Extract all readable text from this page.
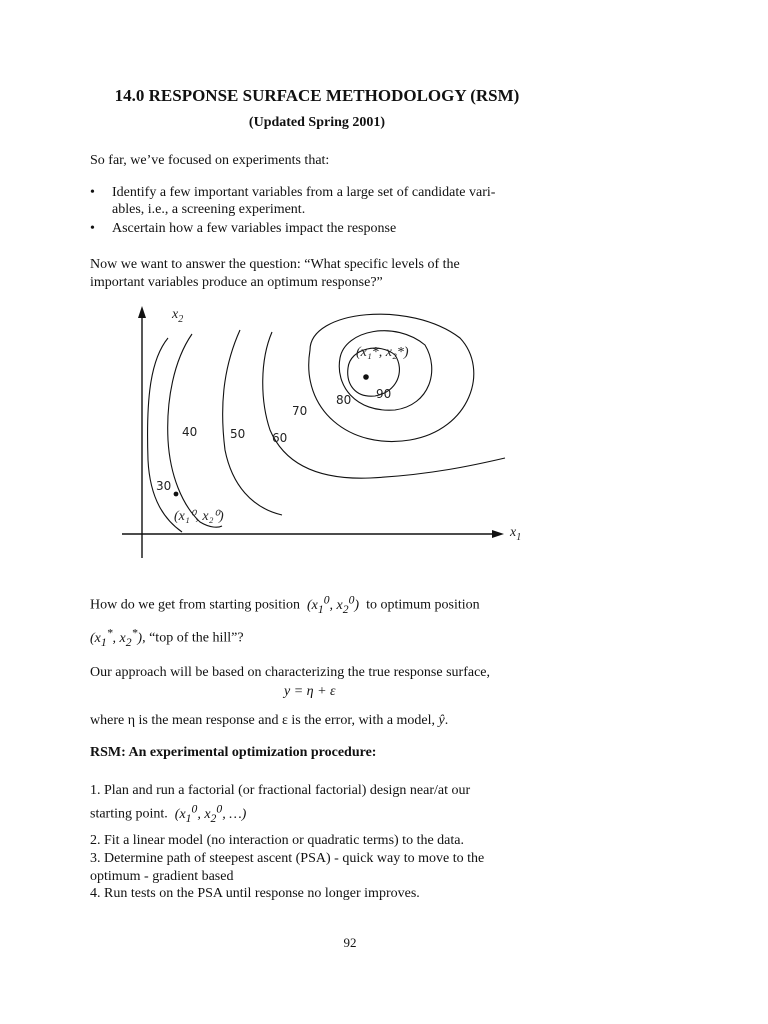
14.0 RESPONSE SURFACE METHODOLOGY (RSM)
(Updated Spring 2001)
So far, we’ve focused on experiments that:
• Identify a few important variables from a large set of candidate vari-
ables, i.e., a screening experiment.
• Ascertain how a few variables impact the response
Now we want to answer the question: “What specific levels of the
important variables produce an optimum response?”
$x_2$
$x_1$
30
40	50 60
70
80 90
(x₁*, x₂*)
(x₁⁰, x₂⁰)
How do we get from starting position  ($x_1^0$, $x_2^0$)  to optimum position
($x_1^*$, $x_2^*$), “top of the hill”?
Our approach will be based on characterizing the true response surface,
y = η + ε
where η is the mean response and ε is the error, with a model, ŷ.
RSM: An experimental optimization procedure:
1. Plan and run a factorial (or fractional factorial) design near/at our
starting point.  ($x_1^0$, $x_2^0$, …)
2. Fit a linear model (no interaction or quadratic terms) to the data.
3. Determine path of steepest ascent (PSA) - quick way to move to the
optimum - gradient based
4. Run tests on the PSA until response no longer improves.
92
